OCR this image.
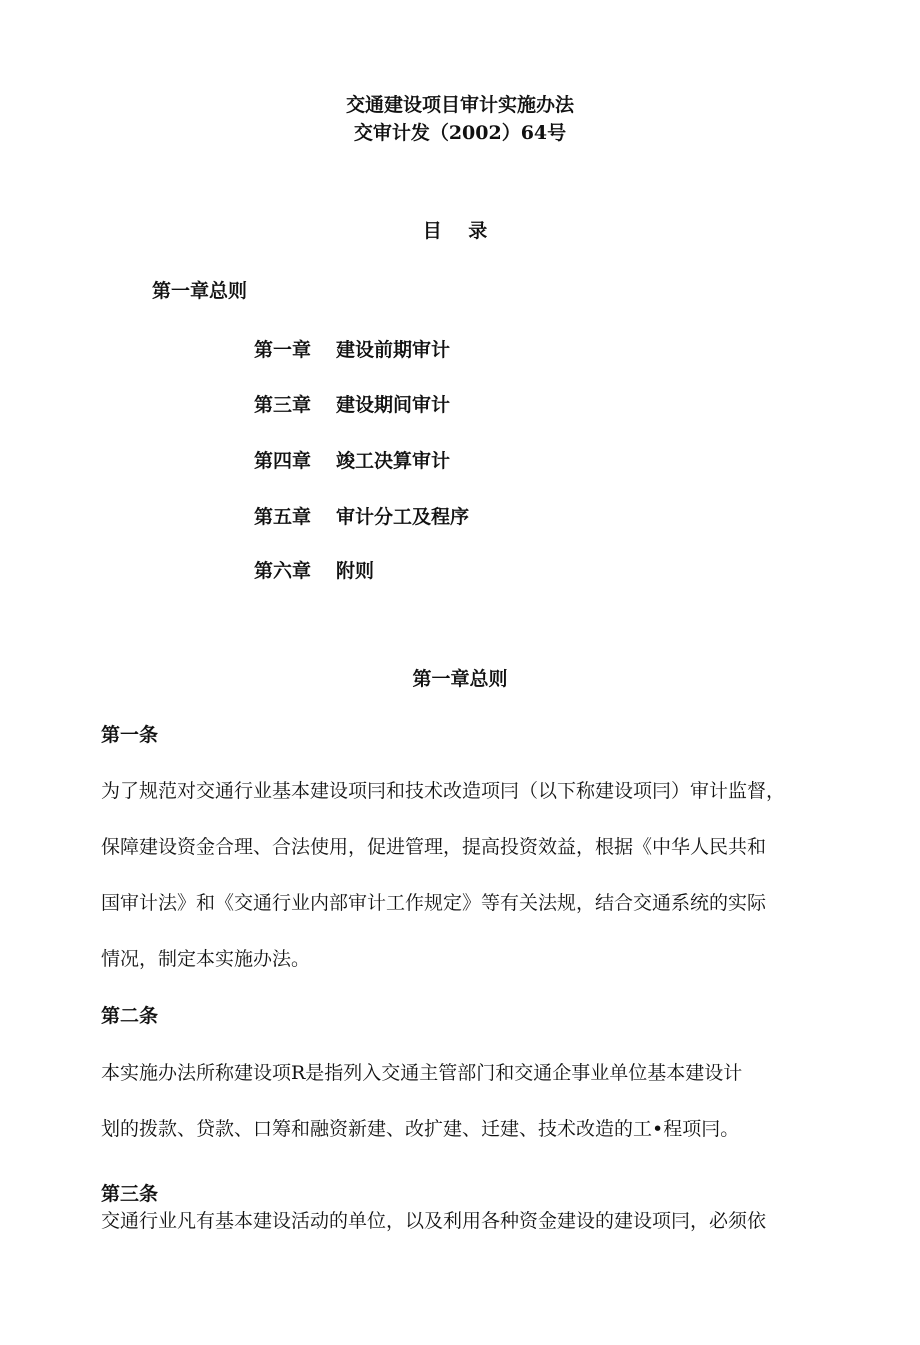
交通建设项目审计实施办法
交审计发（2002）64号
目 录
第一章总则
第一章 建设前期审计
第三章 建设期间审计
第四章 竣工决算审计
第五章 审计分工及程序
第六章 附则
第一章总则
第一条
为了规范对交通行业基本建设项冃和技术改造项冃（以下称建设项冃）审计监督，
保障建设资金合理、合法使用，促进管理，提高投资效益，根据《中华人民共和
国审计法》和《交通行业内部审计工作规定》等有关法规，结合交通系统的实际
情况，制定本实施办法。
第二条
本实施办法所称建设项R是指列入交通主管部门和交通企事业单位基本建设计
划的拨款、贷款、口筹和融资新建、改扩建、迁建、技术改造的工•程项冃。
第三条
交通行业凡有基本建设活动的单位，以及利用各种资金建设的建设项冃，必须依
